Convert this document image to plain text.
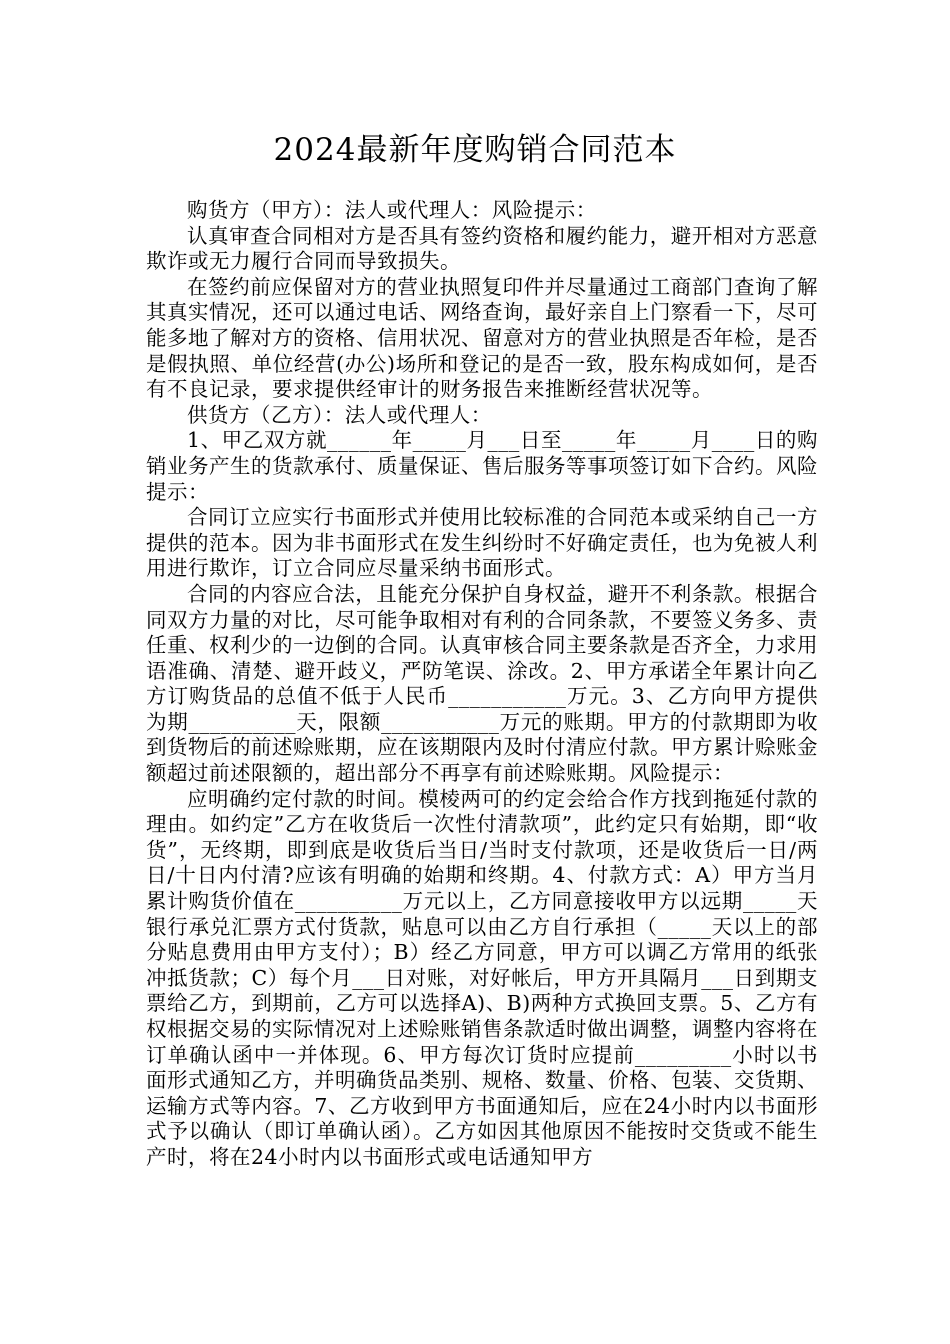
2024最新年度购销合同范本

购货方（甲方）：法人或代理人：风险提示：

认真审查合同相对方是否具有签约资格和履约能力，避开相对方恶意欺诈或无力履行合同而导致损失。

在签约前应保留对方的营业执照复印件并尽量通过工商部门查询了解其真实情况，还可以通过电话、网络查询，最好亲自上门察看一下，尽可能多地了解对方的资格、信用状况、留意对方的营业执照是否年检，是否是假执照、单位经营(办公)场所和登记的是否一致，股东构成如何，是否有不良记录，要求提供经审计的财务报告来推断经营状况等。

供货方（乙方）：法人或代理人：

1、甲乙双方就______年_____月___日至_____年_____月____日的购销业务产生的货款承付、质量保证、售后服务等事项签订如下合约。风险提示：

合同订立应实行书面形式并使用比较标准的合同范本或采纳自己一方提供的范本。因为非书面形式在发生纠纷时不好确定责任，也为免被人利用进行欺诈，订立合同应尽量采纳书面形式。

合同的内容应合法，且能充分保护自身权益，避开不利条款。根据合同双方力量的对比，尽可能争取相对有利的合同条款，不要签义务多、责任重、权利少的一边倒的合同。认真审核合同主要条款是否齐全，力求用语准确、清楚、避开歧义，严防笔误、涂改。2、甲方承诺全年累计向乙方订购货品的总值不低于人民币___________万元。3、乙方向甲方提供为期__________天，限额___________万元的账期。甲方的付款期即为收到货物后的前述赊账期，应在该期限内及时付清应付款。甲方累计赊账金额超过前述限额的，超出部分不再享有前述赊账期。风险提示：

应明确约定付款的时间。模棱两可的约定会给合作方找到拖延付款的理由。如约定”乙方在收货后一次性付清款项”，此约定只有始期，即“收货”，无终期，即到底是收货后当日/当时支付款项，还是收货后一日/两日/十日内付清?应该有明确的始期和终期。4、付款方式：A）甲方当月累计购货价值在__________万元以上，乙方同意接收甲方以远期_____天银行承兑汇票方式付货款，贴息可以由乙方自行承担（_____天以上的部分贴息费用由甲方支付）；B）经乙方同意，甲方可以调乙方常用的纸张冲抵货款；C）每个月___日对账，对好帐后，甲方开具隔月___日到期支票给乙方，到期前，乙方可以选择A)、B)两种方式换回支票。5、乙方有权根据交易的实际情况对上述赊账销售条款适时做出调整，调整内容将在订单确认函中一并体现。6、甲方每次订货时应提前_________小时以书面形式通知乙方，并明确货品类别、规格、数量、价格、包装、交货期、运输方式等内容。7、乙方收到甲方书面通知后，应在24小时内以书面形式予以确认（即订单确认函）。乙方如因其他原因不能按时交货或不能生产时，将在24小时内以书面形式或电话通知甲方
